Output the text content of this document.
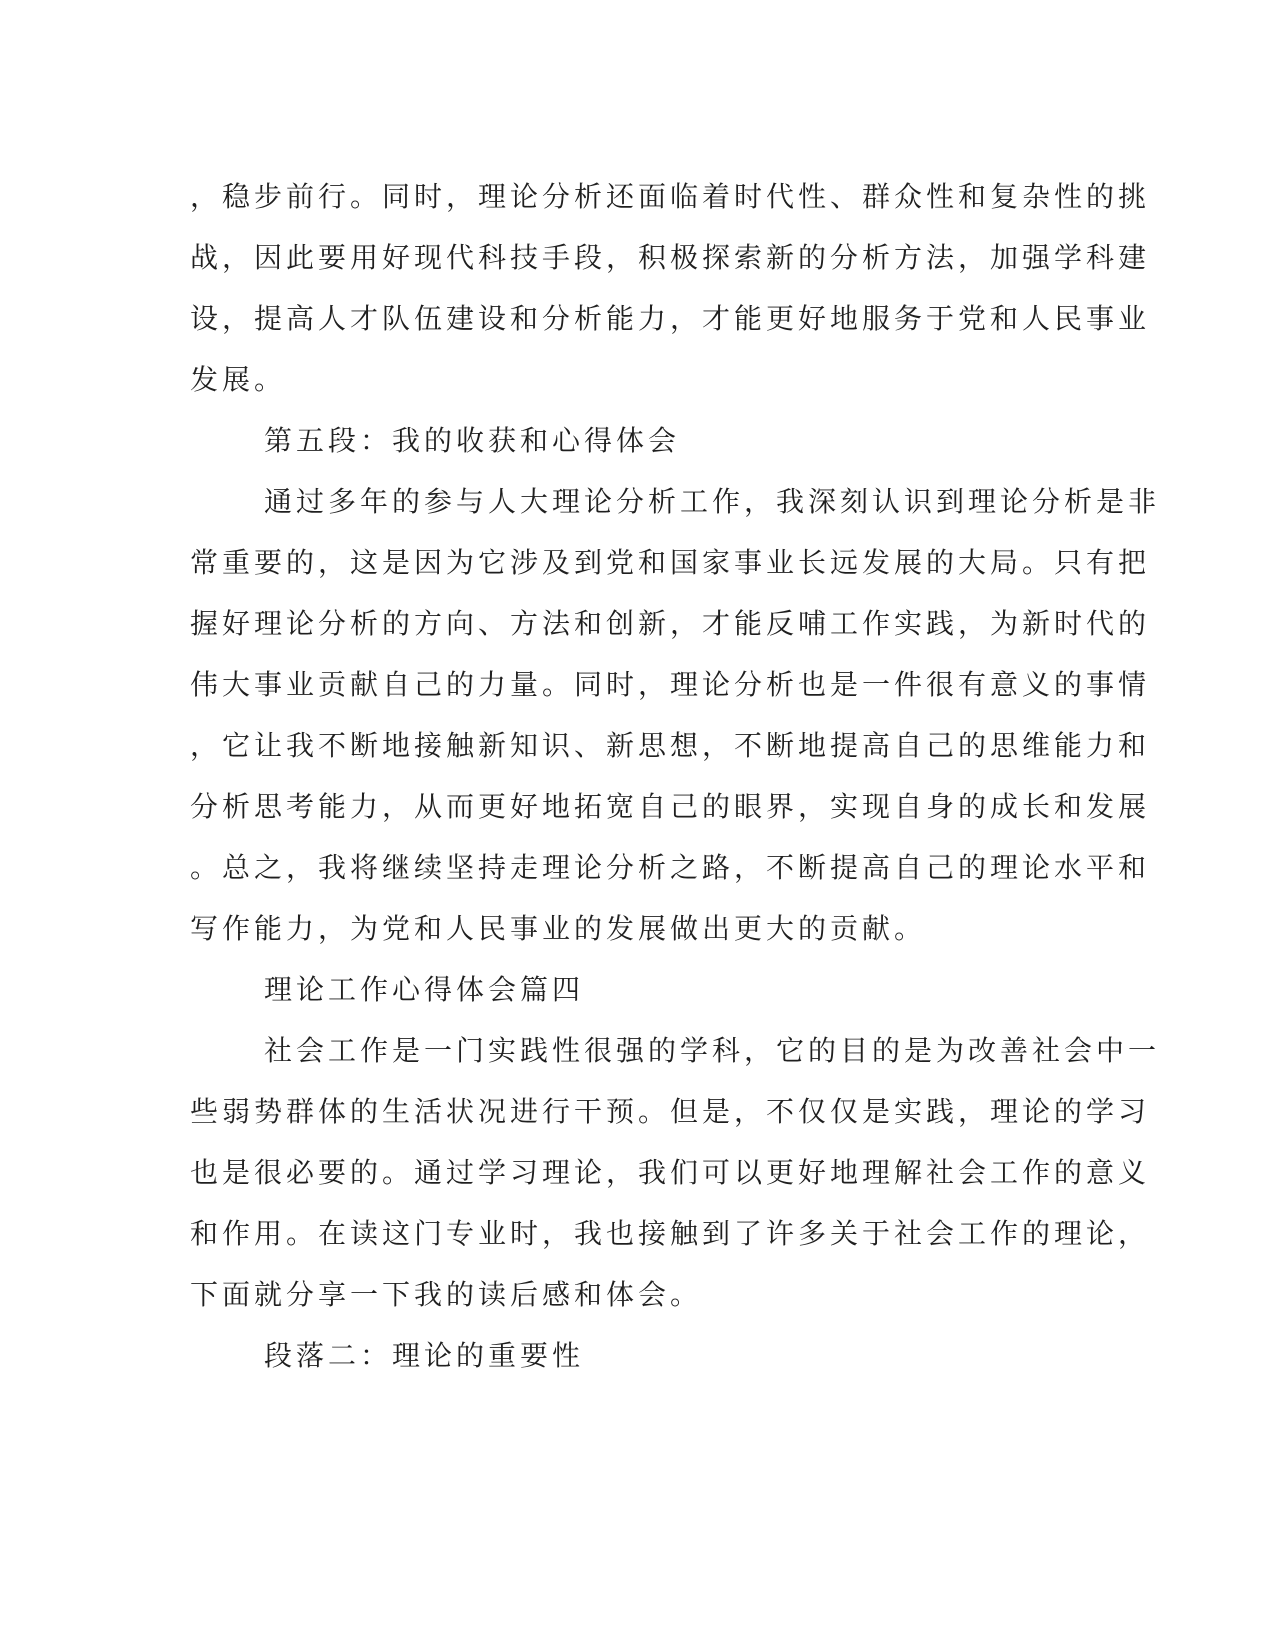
，稳步前行。同时，理论分析还面临着时代性、群众性和复杂性的挑
战，因此要用好现代科技手段，积极探索新的分析方法，加强学科建
设，提高人才队伍建设和分析能力，才能更好地服务于党和人民事业
发展。
第五段：我的收获和心得体会
通过多年的参与人大理论分析工作，我深刻认识到理论分析是非
常重要的，这是因为它涉及到党和国家事业长远发展的大局。只有把
握好理论分析的方向、方法和创新，才能反哺工作实践，为新时代的
伟大事业贡献自己的力量。同时，理论分析也是一件很有意义的事情
，它让我不断地接触新知识、新思想，不断地提高自己的思维能力和
分析思考能力，从而更好地拓宽自己的眼界，实现自身的成长和发展
。总之，我将继续坚持走理论分析之路，不断提高自己的理论水平和
写作能力，为党和人民事业的发展做出更大的贡献。
理论工作心得体会篇四
社会工作是一门实践性很强的学科，它的目的是为改善社会中一
些弱势群体的生活状况进行干预。但是，不仅仅是实践，理论的学习
也是很必要的。通过学习理论，我们可以更好地理解社会工作的意义
和作用。在读这门专业时，我也接触到了许多关于社会工作的理论，
下面就分享一下我的读后感和体会。
段落二：理论的重要性
